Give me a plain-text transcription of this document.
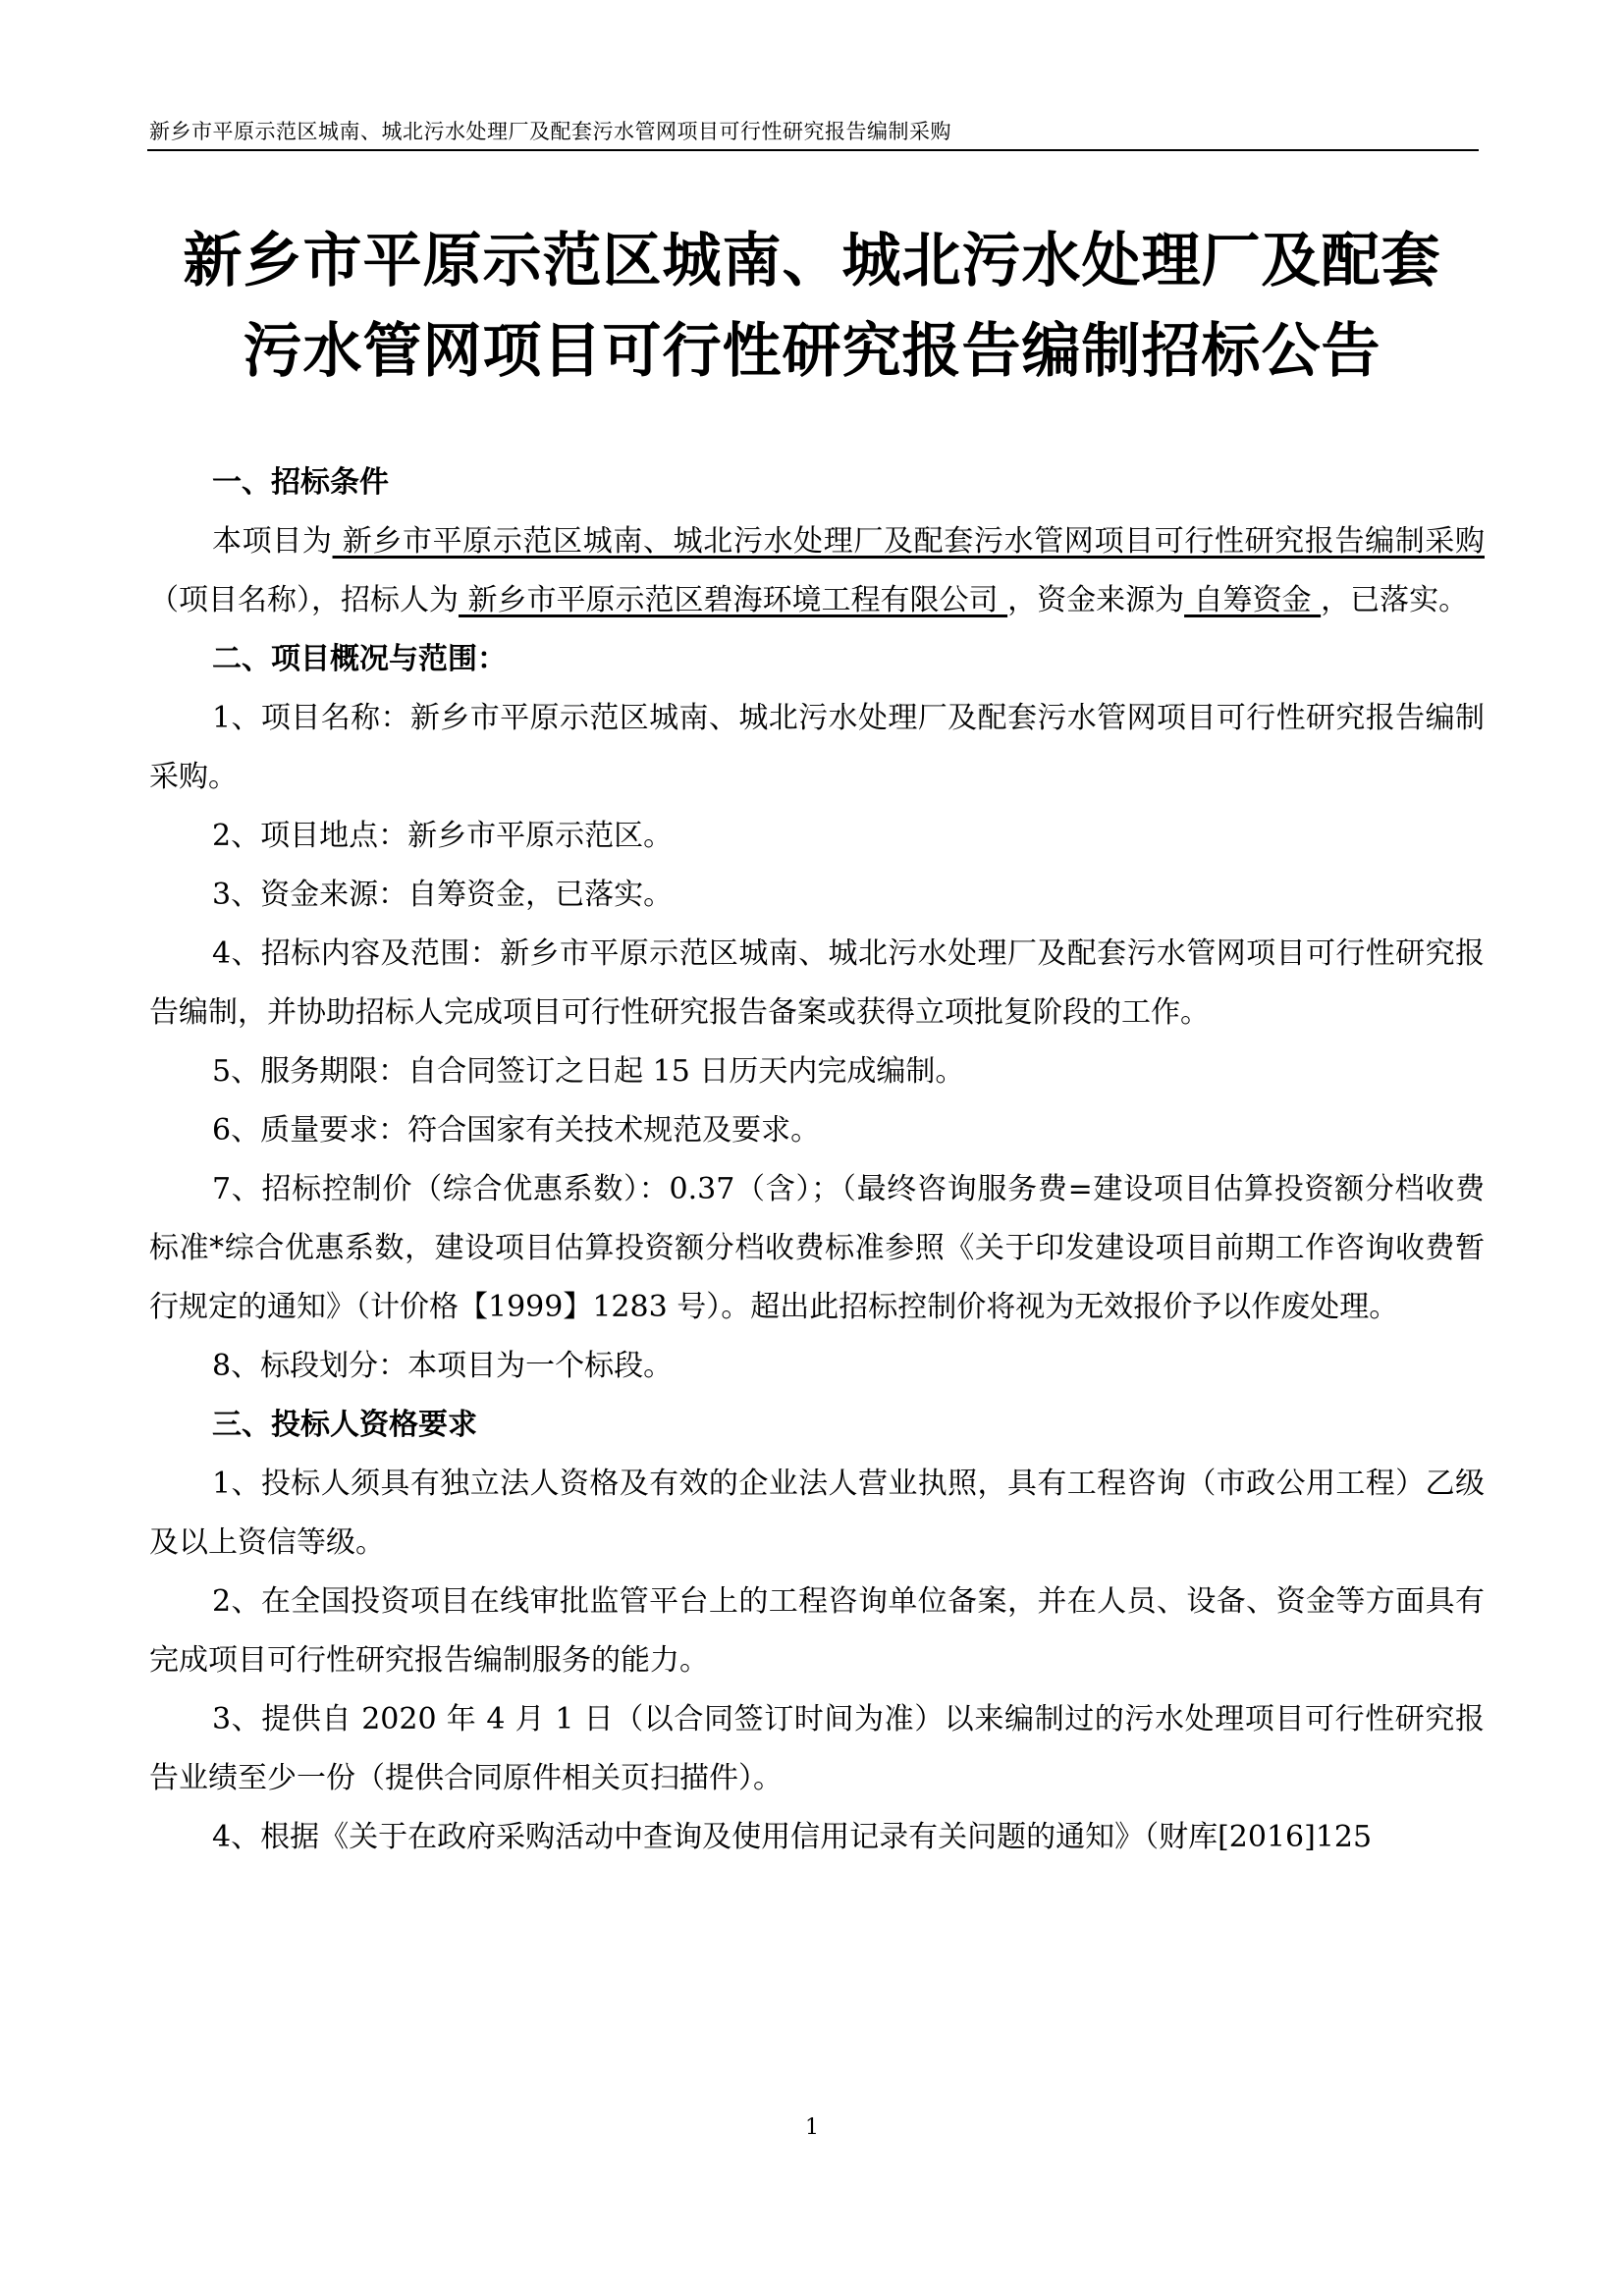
新乡市平原示范区城南、城北污水处理厂及配套污水管网项目可行性研究报告编制采购
新乡市平原示范区城南、城北污水处理厂及配套
污水管网项目可行性研究报告编制招标公告

一、招标条件

本项目为 新乡市平原示范区城南、城北污水处理厂及配套污水管网项目可行性研究报告编制采购 （项目名称），招标人为 新乡市平原示范区碧海环境工程有限公司 ，资金来源为 自筹资金 ，已落实。

二、项目概况与范围：

1、项目名称：新乡市平原示范区城南、城北污水处理厂及配套污水管网项目可行性研究报告编制采购。

2、项目地点：新乡市平原示范区。

3、资金来源：自筹资金，已落实。

4、招标内容及范围：新乡市平原示范区城南、城北污水处理厂及配套污水管网项目可行性研究报告编制，并协助招标人完成项目可行性研究报告备案或获得立项批复阶段的工作。

5、服务期限：自合同签订之日起 15 日历天内完成编制。

6、质量要求：符合国家有关技术规范及要求。

7、招标控制价（综合优惠系数）：0.37（含）；（最终咨询服务费=建设项目估算投资额分档收费标准*综合优惠系数，建设项目估算投资额分档收费标准参照《关于印发建设项目前期工作咨询收费暂行规定的通知》（计价格【1999】1283 号）。超出此招标控制价将视为无效报价予以作废处理。

8、标段划分：本项目为一个标段。

三、投标人资格要求

1、投标人须具有独立法人资格及有效的企业法人营业执照，具有工程咨询（市政公用工程）乙级及以上资信等级。

2、在全国投资项目在线审批监管平台上的工程咨询单位备案，并在人员、设备、资金等方面具有完成项目可行性研究报告编制服务的能力。

3、提供自 2020 年 4 月 1 日（以合同签订时间为准）以来编制过的污水处理项目可行性研究报告业绩至少一份（提供合同原件相关页扫描件）。

4、根据《关于在政府采购活动中查询及使用信用记录有关问题的通知》（财库[2016]125

1
